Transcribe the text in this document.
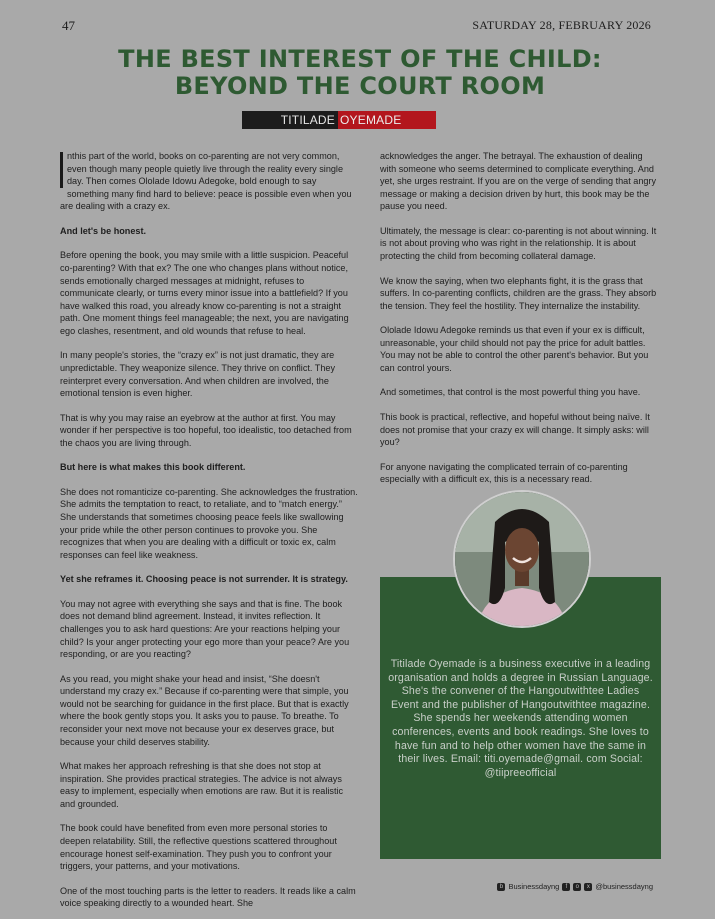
47	SATURDAY 28, FEBRUARY 2026
THE BEST INTEREST OF THE CHILD:
BEYOND THE COURT ROOM
TITILADE OYEMADE

nthis part of the world, books on co-parenting are not very common, even though many people quietly live through the reality every single day. Then comes Ololade Idowu Adegoke, bold enough to say something many find hard to believe: peace is possible even when you are dealing with a crazy ex.

And let's be honest.

Before opening the book, you may smile with a little suspicion. Peaceful co-parenting? With that ex? The one who changes plans without notice, sends emotionally charged messages at midnight, refuses to communicate clearly, or turns every minor issue into a battlefield? If you have walked this road, you already know co-parenting is not a straight path. One moment things feel manageable; the next, you are navigating ego clashes, resentment, and old wounds that refuse to heal.

In many people's stories, the “crazy ex” is not just dramatic, they are unpredictable. They weaponize silence. They thrive on conflict. They reinterpret every conversation. And when children are involved, the emotional tension is even higher.

That is why you may raise an eyebrow at the author at first. You may wonder if her perspective is too hopeful, too idealistic, too detached from the chaos you are living through.

But here is what makes this book different.

She does not romanticize co-parenting. She acknowledges the frustration. She admits the temptation to react, to retaliate, and to “match energy.” She understands that sometimes choosing peace feels like swallowing your pride while the other person continues to provoke you. She recognizes that when you are dealing with a difficult or toxic ex, calm responses can feel like weakness.

Yet she reframes it. Choosing peace is not surrender. It is strategy.

You may not agree with everything she says and that is fine. The book does not demand blind agreement. Instead, it invites reflection. It challenges you to ask hard questions: Are your reactions helping your child? Is your anger protecting your ego more than your peace? Are you responding, or are you reacting?

As you read, you might shake your head and insist, “She doesn't understand my crazy ex.” Because if co-parenting were that simple, you would not be searching for guidance in the first place. But that is exactly where the book gently stops you. It asks you to pause. To breathe. To reconsider your next move not because your ex deserves grace, but because your child deserves stability.

What makes her approach refreshing is that she does not stop at inspiration. She provides practical strategies. The advice is not always easy to implement, especially when emotions are raw. But it is realistic and grounded.

The book could have benefited from even more personal stories to deepen relatability. Still, the reflective questions scattered throughout encourage honest self-examination. They push you to confront your triggers, your patterns, and your motivations.

One of the most touching parts is the letter to readers. It reads like a calm voice speaking directly to a wounded heart. She

acknowledges the anger. The betrayal. The exhaustion of dealing with someone who seems determined to complicate everything. And yet, she urges restraint. If you are on the verge of sending that angry message or making a decision driven by hurt, this book may be the pause you need.

Ultimately, the message is clear: co-parenting is not about winning. It is not about proving who was right in the relationship. It is about protecting the child from becoming collateral damage.

We know the saying, when two elephants fight, it is the grass that suffers. In co-parenting conflicts, children are the grass. They absorb the tension. They feel the hostility. They internalize the instability.

Ololade Idowu Adegoke reminds us that even if your ex is difficult, unreasonable, your child should not pay the price for adult battles. You may not be able to control the other parent's behavior. But you can control yours.

And sometimes, that control is the most powerful thing you have.

This book is practical, reflective, and hopeful without being naïve. It does not promise that your crazy ex will change. It simply asks: will you?

For anyone navigating the complicated terrain of co-parenting especially with a difficult ex, this is a necessary read.

Titilade Oyemade is a business executive in a leading organisation and holds a degree in Russian Language. She's the convener of the Hangoutwithtee Ladies Event and the publisher of Hangoutwithtee magazine. She spends her weekends attending women conferences, events and book readings. She loves to have fun and to help other women have the same in their lives. Email: titi.oyemade@gmail. com Social: @tiipreeofficial
b Businessdayng	f	o	x @businessdayng
